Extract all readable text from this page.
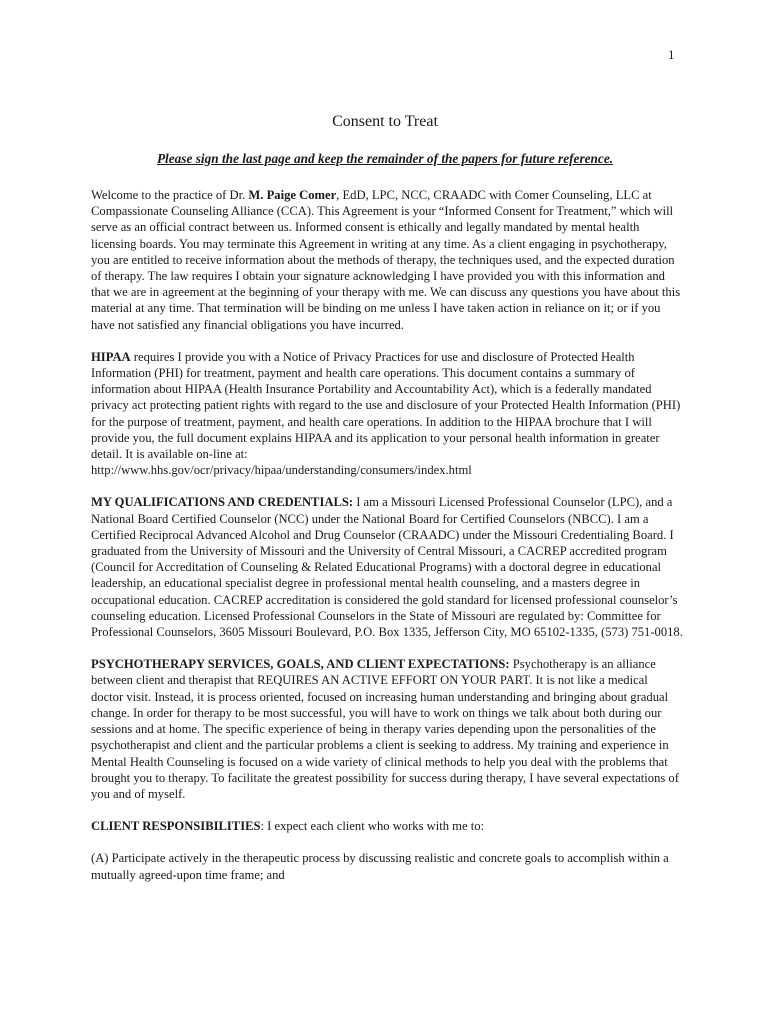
1
Consent to Treat
Please sign the last page and keep the remainder of the papers for future reference.

Welcome to the practice of Dr. M. Paige Comer, EdD, LPC, NCC, CRAADC with Comer Counseling, LLC at Compassionate Counseling Alliance (CCA). This Agreement is your “Informed Consent for Treatment,” which will serve as an official contract between us. Informed consent is ethically and legally mandated by mental health licensing boards. You may terminate this Agreement in writing at any time. As a client engaging in psychotherapy, you are entitled to receive information about the methods of therapy, the techniques used, and the expected duration of therapy. The law requires I obtain your signature acknowledging I have provided you with this information and that we are in agreement at the beginning of your therapy with me. We can discuss any questions you have about this material at any time. That termination will be binding on me unless I have taken action in reliance on it; or if you have not satisfied any financial obligations you have incurred.

HIPAA requires I provide you with a Notice of Privacy Practices for use and disclosure of Protected Health Information (PHI) for treatment, payment and health care operations. This document contains a summary of information about HIPAA (Health Insurance Portability and Accountability Act), which is a federally mandated privacy act protecting patient rights with regard to the use and disclosure of your Protected Health Information (PHI) for the purpose of treatment, payment, and health care operations. In addition to the HIPAA brochure that I will provide you, the full document explains HIPAA and its application to your personal health information in greater detail. It is available on-line at:
http://www.hhs.gov/ocr/privacy/hipaa/understanding/consumers/index.html

MY QUALIFICATIONS AND CREDENTIALS: I am a Missouri Licensed Professional Counselor (LPC), and a National Board Certified Counselor (NCC) under the National Board for Certified Counselors (NBCC). I am a Certified Reciprocal Advanced Alcohol and Drug Counselor (CRAADC) under the Missouri Credentialing Board. I graduated from the University of Missouri and the University of Central Missouri, a CACREP accredited program (Council for Accreditation of Counseling & Related Educational Programs) with a doctoral degree in educational leadership, an educational specialist degree in professional mental health counseling, and a masters degree in occupational education. CACREP accreditation is considered the gold standard for licensed professional counselor’s counseling education. Licensed Professional Counselors in the State of Missouri are regulated by: Committee for Professional Counselors, 3605 Missouri Boulevard, P.O. Box 1335, Jefferson City, MO 65102-1335, (573) 751-0018.

PSYCHOTHERAPY SERVICES, GOALS, AND CLIENT EXPECTATIONS: Psychotherapy is an alliance between client and therapist that REQUIRES AN ACTIVE EFFORT ON YOUR PART. It is not like a medical doctor visit. Instead, it is process oriented, focused on increasing human understanding and bringing about gradual change. In order for therapy to be most successful, you will have to work on things we talk about both during our sessions and at home. The specific experience of being in therapy varies depending upon the personalities of the psychotherapist and client and the particular problems a client is seeking to address. My training and experience in Mental Health Counseling is focused on a wide variety of clinical methods to help you deal with the problems that brought you to therapy. To facilitate the greatest possibility for success during therapy, I have several expectations of you and of myself.

CLIENT RESPONSIBILITIES: I expect each client who works with me to:

(A) Participate actively in the therapeutic process by discussing realistic and concrete goals to accomplish within a mutually agreed-upon time frame; and
